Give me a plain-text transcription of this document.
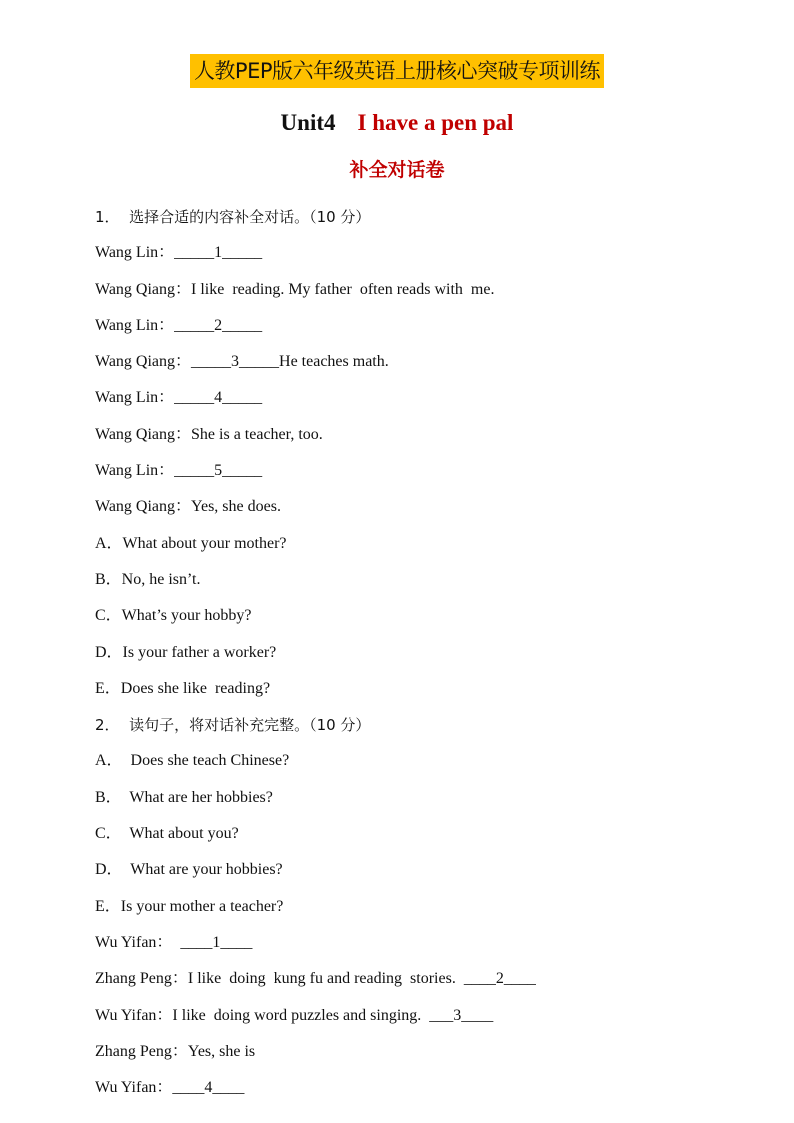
人教PEP版六年级英语上册核心突破专项训练
Unit4 I have a pen pal
补全对话卷
1．  选择合适的内容补全对话。（10 分）
Wang Lin：_____1_____
Wang Qiang：I like  reading. My father  often reads with  me.
Wang Lin：_____2_____
Wang Qiang：_____3_____He teaches math.
Wang Lin：_____4_____
Wang Qiang：She is a teacher, too.
Wang Lin：_____5_____
Wang Qiang：Yes, she does.
A．What about your mother?
B．No, he isn’t.
C．What’s your hobby?
D．Is your father a worker?
E．Does she like  reading?
2．  读句子，将对话补充完整。（10 分）
A．  Does she teach Chinese?
B．  What are her hobbies?
C．  What about you?
D．  What are your hobbies?
E．Is your mother a teacher?
Wu Yifan：  ____1____
Zhang Peng：I like  doing  kung fu and reading  stories.  ____2____
Wu Yifan：I like  doing word puzzles and singing.  ___3____
Zhang Peng：Yes, she is
Wu Yifan：____4____
